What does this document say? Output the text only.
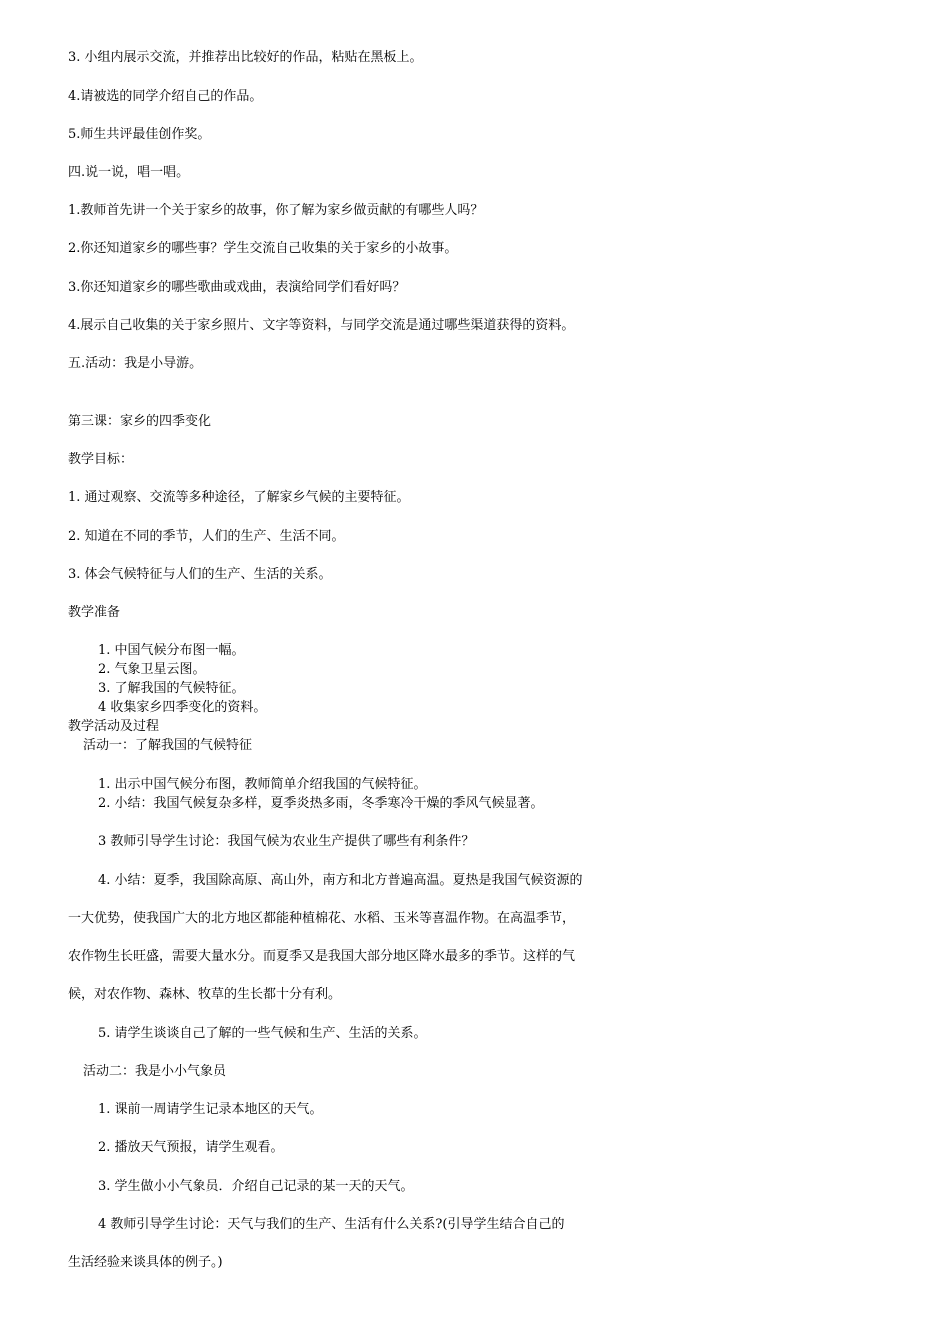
3. 小组内展示交流，并推荐出比较好的作品，粘贴在黑板上。
4.请被选的同学介绍自己的作品。
5.师生共评最佳创作奖。
四.说一说，唱一唱。
1.教师首先讲一个关于家乡的故事，你了解为家乡做贡献的有哪些人吗？
2.你还知道家乡的哪些事？学生交流自己收集的关于家乡的小故事。
3.你还知道家乡的哪些歌曲或戏曲，表演给同学们看好吗？
4.展示自己收集的关于家乡照片、文字等资料，与同学交流是通过哪些渠道获得的资料。
五.活动：我是小导游。
第三课：家乡的四季变化
教学目标：
1. 通过观察、交流等多种途径，了解家乡气候的主要特征。
2. 知道在不同的季节，人们的生产、生活不同。
3. 体会气候特征与人们的生产、生活的关系。
教学准备
1. 中国气候分布图一幅。
2. 气象卫星云图。
3. 了解我国的气候特征。
4 收集家乡四季变化的资料。
教学活动及过程
活动一：了解我国的气候特征
1. 出示中国气候分布图，教师简单介绍我国的气候特征。
2. 小结：我国气候复杂多样，夏季炎热多雨，冬季寒冷干燥的季风气候显著。
3 教师引导学生讨论：我国气候为农业生产提供了哪些有利条件？
4. 小结：夏季，我国除高原、高山外，南方和北方普遍高温。夏热是我国气候资源的
一大优势，使我国广大的北方地区都能种植棉花、水稻、玉米等喜温作物。在高温季节，
农作物生长旺盛，需要大量水分。而夏季又是我国大部分地区降水最多的季节。这样的气
候，对农作物、森林、牧草的生长都十分有利。
5. 请学生谈谈自己了解的一些气候和生产、生活的关系。
活动二：我是小小气象员
1. 课前一周请学生记录本地区的天气。
2. 播放天气预报，请学生观看。
3. 学生做小小气象员．介绍自己记录的某一天的天气。
4 教师引导学生讨论：天气与我们的生产、生活有什么关系?(引导学生结合自己的
生活经验来谈具体的例子。)
